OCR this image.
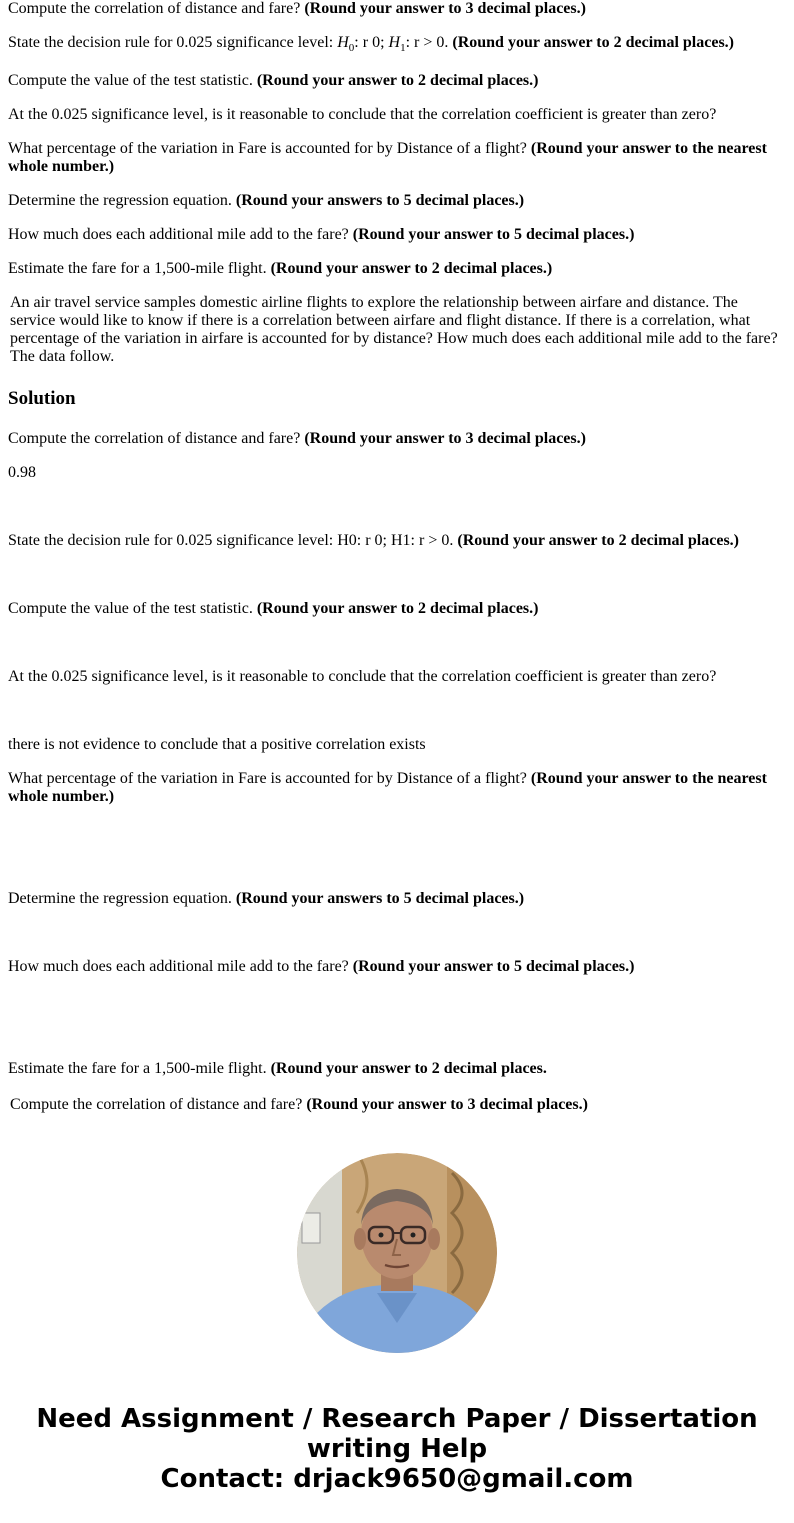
Compute the correlation of distance and fare? (Round your answer to 3 decimal places.)

State the decision rule for 0.025 significance level: $H_0$: r 0; $H_1$: r > 0. (Round your answer to 2 decimal places.)

Compute the value of the test statistic. (Round your answer to 2 decimal places.)

At the 0.025 significance level, is it reasonable to conclude that the correlation coefficient is greater than zero?

What percentage of the variation in Fare is accounted for by Distance of a flight? (Round your answer to the nearest whole number.)

Determine the regression equation. (Round your answers to 5 decimal places.)

How much does each additional mile add to the fare? (Round your answer to 5 decimal places.)

Estimate the fare for a 1,500-mile flight. (Round your answer to 2 decimal places.)

An air travel service samples domestic airline flights to explore the relationship between airfare and distance. The service would like to know if there is a correlation between airfare and flight distance. If there is a correlation, what percentage of the variation in airfare is accounted for by distance? How much does each additional mile add to the fare? The data follow.

Solution

Compute the correlation of distance and fare? (Round your answer to 3 decimal places.)

0.98

State the decision rule for 0.025 significance level: H0: r 0; H1: r > 0. (Round your answer to 2 decimal places.)

Compute the value of the test statistic. (Round your answer to 2 decimal places.)

At the 0.025 significance level, is it reasonable to conclude that the correlation coefficient is greater than zero?

there is not evidence to conclude that a positive correlation exists

What percentage of the variation in Fare is accounted for by Distance of a flight? (Round your answer to the nearest whole number.)

Determine the regression equation. (Round your answers to 5 decimal places.)

How much does each additional mile add to the fare? (Round your answer to 5 decimal places.)

Estimate the fare for a 1,500-mile flight. (Round your answer to 2 decimal places.

Compute the correlation of distance and fare? (Round your answer to 3 decimal places.)

Need Assignment / Research Paper / Dissertation
writing Help
Contact: drjack9650@gmail.com
